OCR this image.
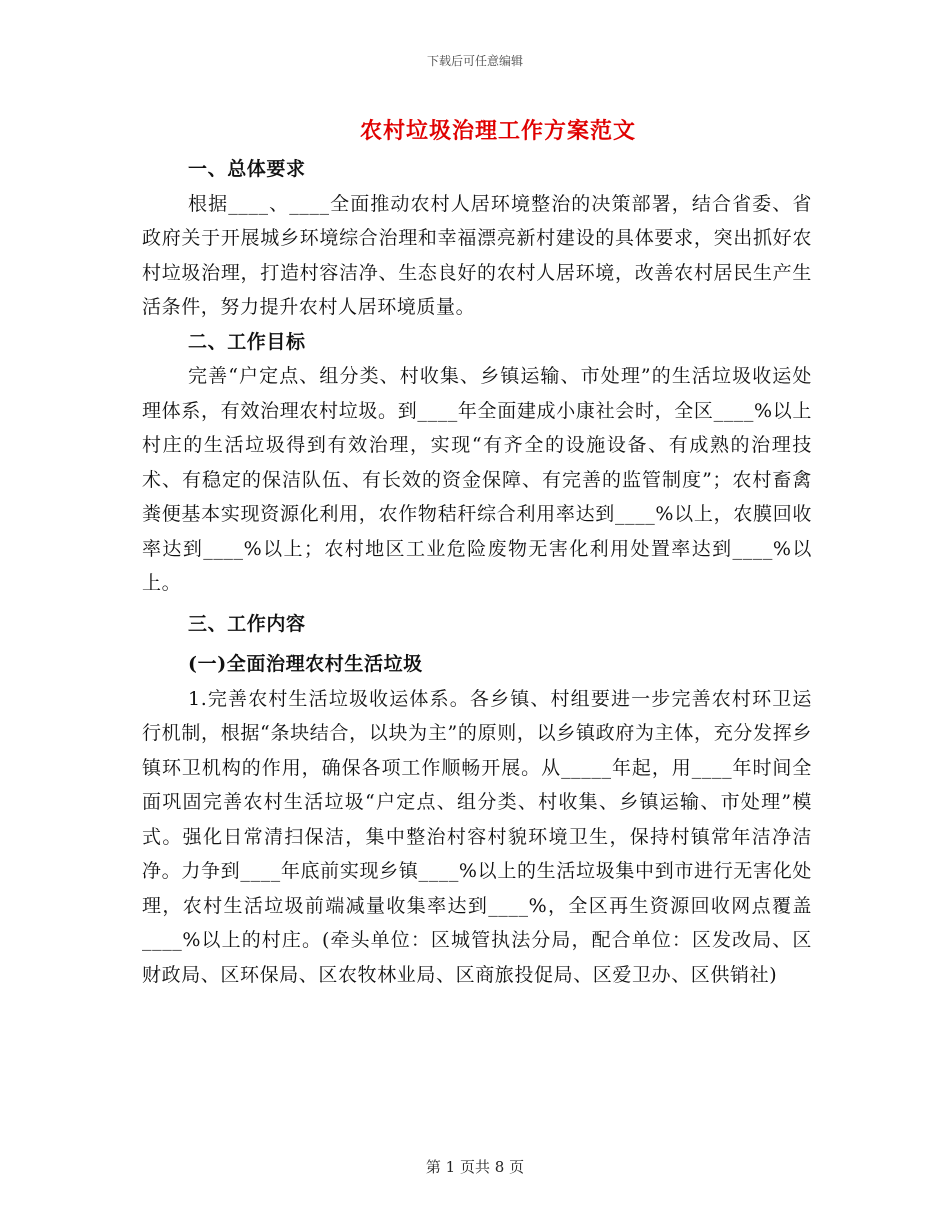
下载后可任意编辑
农村垃圾治理工作方案范文
一、总体要求

根据____、____全面推动农村人居环境整治的决策部署，结合省委、省政府关于开展城乡环境综合治理和幸福漂亮新村建设的具体要求，突出抓好农村垃圾治理，打造村容洁净、生态良好的农村人居环境，改善农村居民生产生活条件，努力提升农村人居环境质量。

二、工作目标

完善“户定点、组分类、村收集、乡镇运输、市处理”的生活垃圾收运处理体系，有效治理农村垃圾。到____年全面建成小康社会时，全区____%以上村庄的生活垃圾得到有效治理，实现“有齐全的设施设备、有成熟的治理技术、有稳定的保洁队伍、有长效的资金保障、有完善的监管制度”；农村畜禽粪便基本实现资源化利用，农作物秸秆综合利用率达到____%以上，农膜回收率达到____%以上；农村地区工业危险废物无害化利用处置率达到____%以上。

三、工作内容
(一)全面治理农村生活垃圾

1.完善农村生活垃圾收运体系。各乡镇、村组要进一步完善农村环卫运行机制，根据“条块结合，以块为主”的原则，以乡镇政府为主体，充分发挥乡镇环卫机构的作用，确保各项工作顺畅开展。从_____年起，用____年时间全面巩固完善农村生活垃圾“户定点、组分类、村收集、乡镇运输、市处理”模式。强化日常清扫保洁，集中整治村容村貌环境卫生，保持村镇常年洁净洁净。力争到____年底前实现乡镇____%以上的生活垃圾集中到市进行无害化处理，农村生活垃圾前端减量收集率达到____%，全区再生资源回收网点覆盖____%以上的村庄。(牵头单位：区城管执法分局，配合单位：区发改局、区财政局、区环保局、区农牧林业局、区商旅投促局、区爱卫办、区供销社)

第 1 页共 8 页
